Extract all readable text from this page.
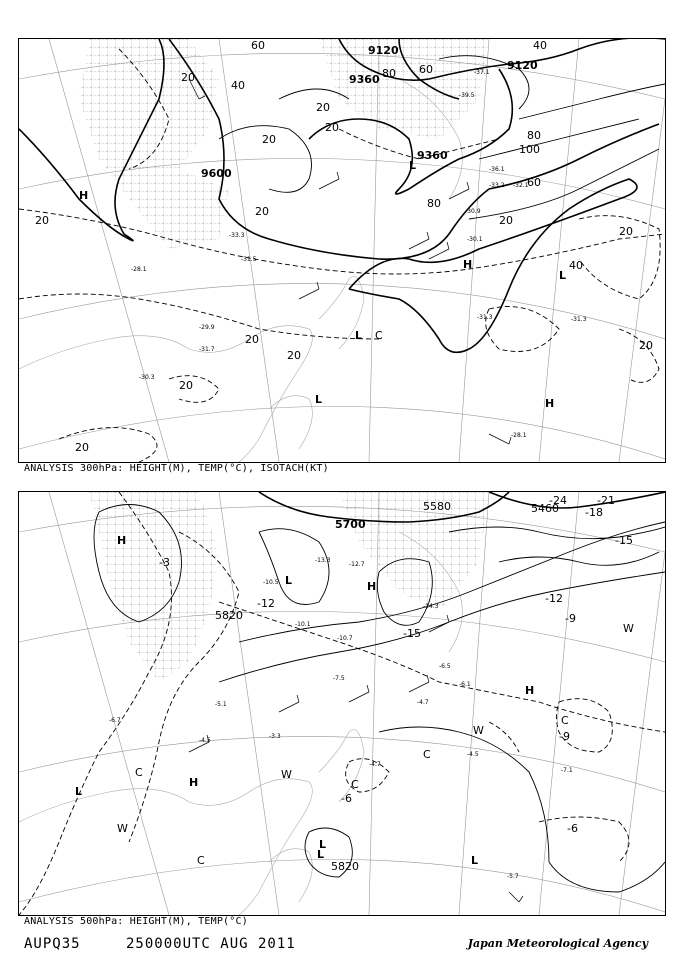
9120
9360
9600
9360
9120
60
40
20
20
20
20
20
20
20
20
20
60
80
40
20
20
20
80
100
80
60
40
20
H
H
L
L
L
C
L	H
-39.5
-37.1
-36.1
-33.2 -32.1
-30.9
-30.1
-31.5
-33.3
-28.1
-29.9
-31.7
-30.3
-31.3
-28.1
-31.3
ANALYSIS 300hPa: HEIGHT(M), TEMP(°C), ISOTACH(KT)
5700
5580	5460
5820
5820
-24	-21
-18
-15
-12
-9
-12
-15
-3
-6
-6
-9
H
L	H
H
W
C
W
C
L
C	W
C
H
L	L
W
C
L
-10.7
-13.3
-12.7
-14.3
-10.1
-6.5
-4.7
-6.1
-4.5
-5.1
-7.1
-5.7
-3.3
-4.5
-4.7
-10.5
-7.5
-6.7
ANALYSIS 500hPa: HEIGHT(M), TEMP(°C)
AUPQ35	250000UTC AUG 2011	Japan Meteorological Agency
